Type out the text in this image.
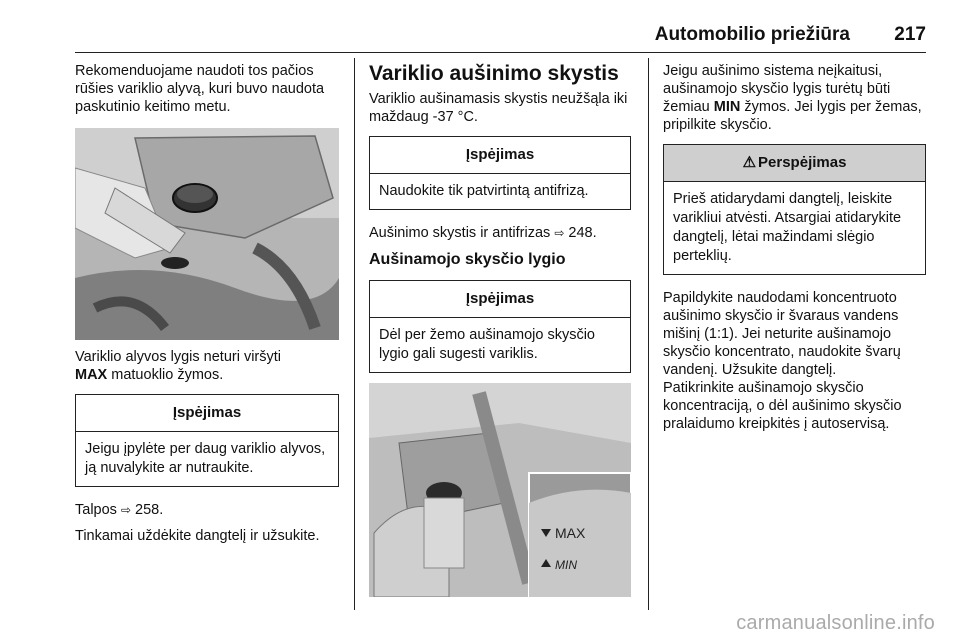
Automobilio priežiūra	217

Rekomenduojame naudoti tos pačios rūšies variklio alyvą, kuri buvo naudota paskutinio keitimo metu.

Variklio alyvos lygis neturi viršyti
MAX matuoklio žymos.

Įspėjimas
Jeigu įpylėte per daug variklio alyvos, ją nuvalykite ar nutraukite.

Talpos ⇨ 258.

Tinkamai uždėkite dangtelį ir užsukite.

Variklio aušinimo skystis

Variklio aušinamasis skystis neužšąla iki maždaug -37 °C.

Įspėjimas
Naudokite tik patvirtintą antifrizą.

Aušinimo skystis ir antifrizas ⇨ 248.

Aušinamojo skysčio lygio
Įspėjimas
Dėl per žemo aušinamojo skysčio lygio gali sugesti variklis.
MAX
MIN

Jeigu aušinimo sistema neįkaitusi, aušinamojo skysčio lygis turėtų būti žemiau MIN žymos. Jei lygis per žemas, pripilkite skysčio.

⚠ Perspėjimas
Prieš atidarydami dangtelį, leiskite varikliui atvėsti. Atsargiai atidarykite dangtelį, lėtai mažindami slėgio perteklių.

Papildykite naudodami koncentruoto aušinimo skysčio ir švaraus vandens mišinį (1:1). Jei neturite aušinamojo skysčio koncentrato, naudokite švarų vandenį. Užsukite dangtelį.

Patikrinkite aušinamojo skysčio koncentraciją, o dėl aušinimo skysčio pralaidumo kreipkitės į autoservisą.

carmanualsonline.info
